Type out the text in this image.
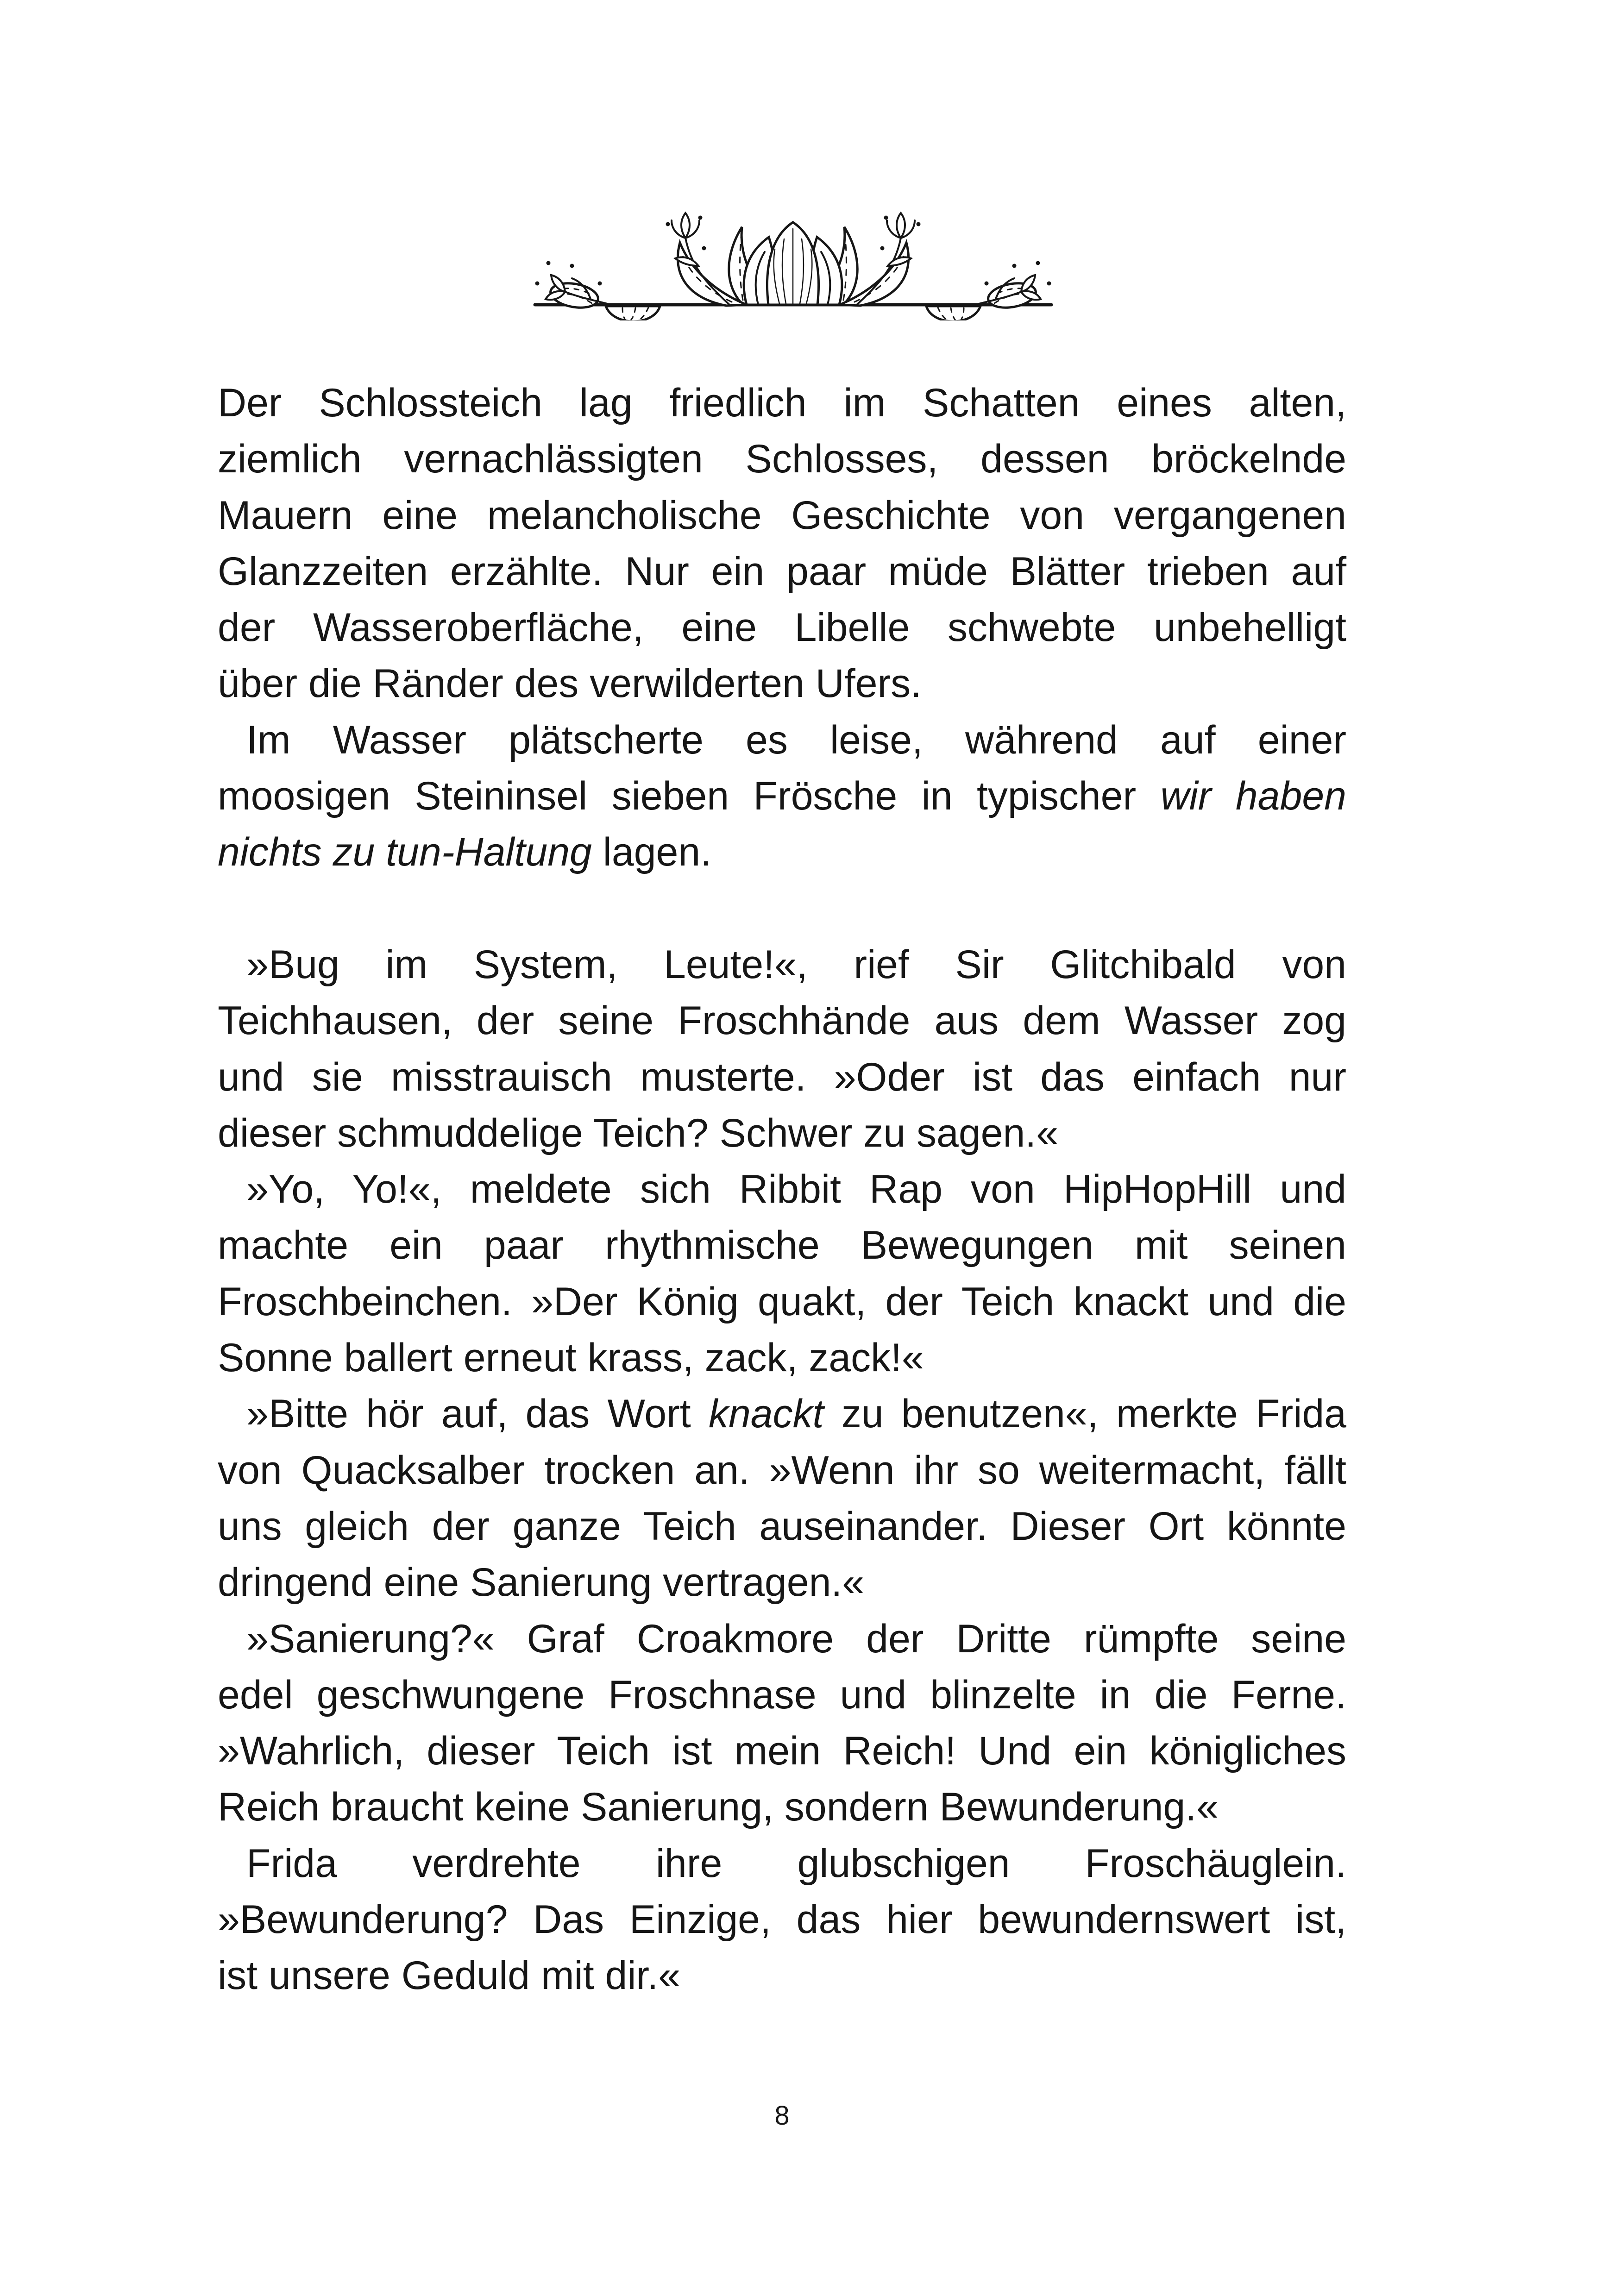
Der Schlossteich lag friedlich im Schatten eines alten,
ziemlich vernachlässigten Schlosses, dessen bröckelnde
Mauern eine melancholische Geschichte von vergangenen
Glanzzeiten erzählte. Nur ein paar müde Blätter trieben auf
der Wasseroberfläche, eine Libelle schwebte unbehelligt
über die Ränder des verwilderten Ufers.
Im Wasser plätscherte es leise, während auf einer
moosigen Steininsel sieben Frösche in typischer wir haben
nichts zu tun-Haltung lagen.
»Bug im System, Leute!«, rief Sir Glitchibald von
Teichhausen, der seine Froschhände aus dem Wasser zog
und sie misstrauisch musterte. »Oder ist das einfach nur
dieser schmuddelige Teich? Schwer zu sagen.«
»Yo, Yo!«, meldete sich Ribbit Rap von HipHopHill und
machte ein paar rhythmische Bewegungen mit seinen
Froschbeinchen. »Der König quakt, der Teich knackt und die
Sonne ballert erneut krass, zack, zack!«
»Bitte hör auf, das Wort knackt zu benutzen«, merkte Frida
von Quacksalber trocken an. »Wenn ihr so weitermacht, fällt
uns gleich der ganze Teich auseinander. Dieser Ort könnte
dringend eine Sanierung vertragen.«
»Sanierung?« Graf Croakmore der Dritte rümpfte seine
edel geschwungene Froschnase und blinzelte in die Ferne.
»Wahrlich, dieser Teich ist mein Reich! Und ein königliches
Reich braucht keine Sanierung, sondern Bewunderung.«
Frida verdrehte ihre glubschigen Froschäuglein.
»Bewunderung? Das Einzige, das hier bewundernswert ist,
ist unsere Geduld mit dir.«
8
